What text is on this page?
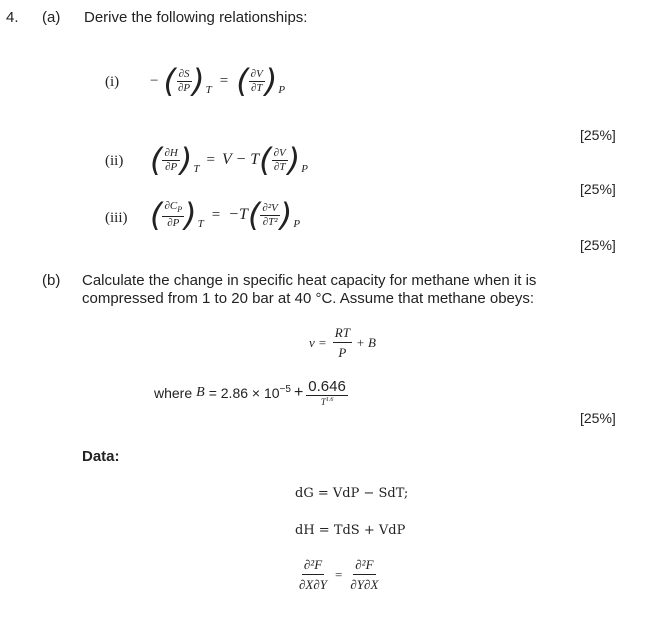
4. (a) Derive the following relationships:
(i) − ( $\frac{\partial S}{\partial P}$ ) T
= ( $\frac{\partial V}{\partial T}$ ) P
[25%]
(ii) ( $\frac{\partial H}{\partial P}$ ) T
= V − T ( $\frac{\partial V}{\partial T}$ ) P
[25%]
(iii) ( $\frac{\partial C_P}{\partial P}$ ) T
= −T ( $\frac{\text{∂²V}}{\text{∂T²}}$ ) P
[25%]
(b) Calculate the change in specific heat capacity for methane when it is
compressed from 1 to 20 bar at 40 °C. Assume that methane obeys:
$v = \frac{RT}{P} + B$
where $B = 2.86 \times 10^{-5} + \frac{0.646}{T^{1.6}}$
[25%]
Data:
dG = VdP − SdT;
dH = TdS + VdP
$\frac{\text{∂²F}}{\partial X\partial Y} = \frac{\text{∂²F}}{\partial Y\partial X}$
